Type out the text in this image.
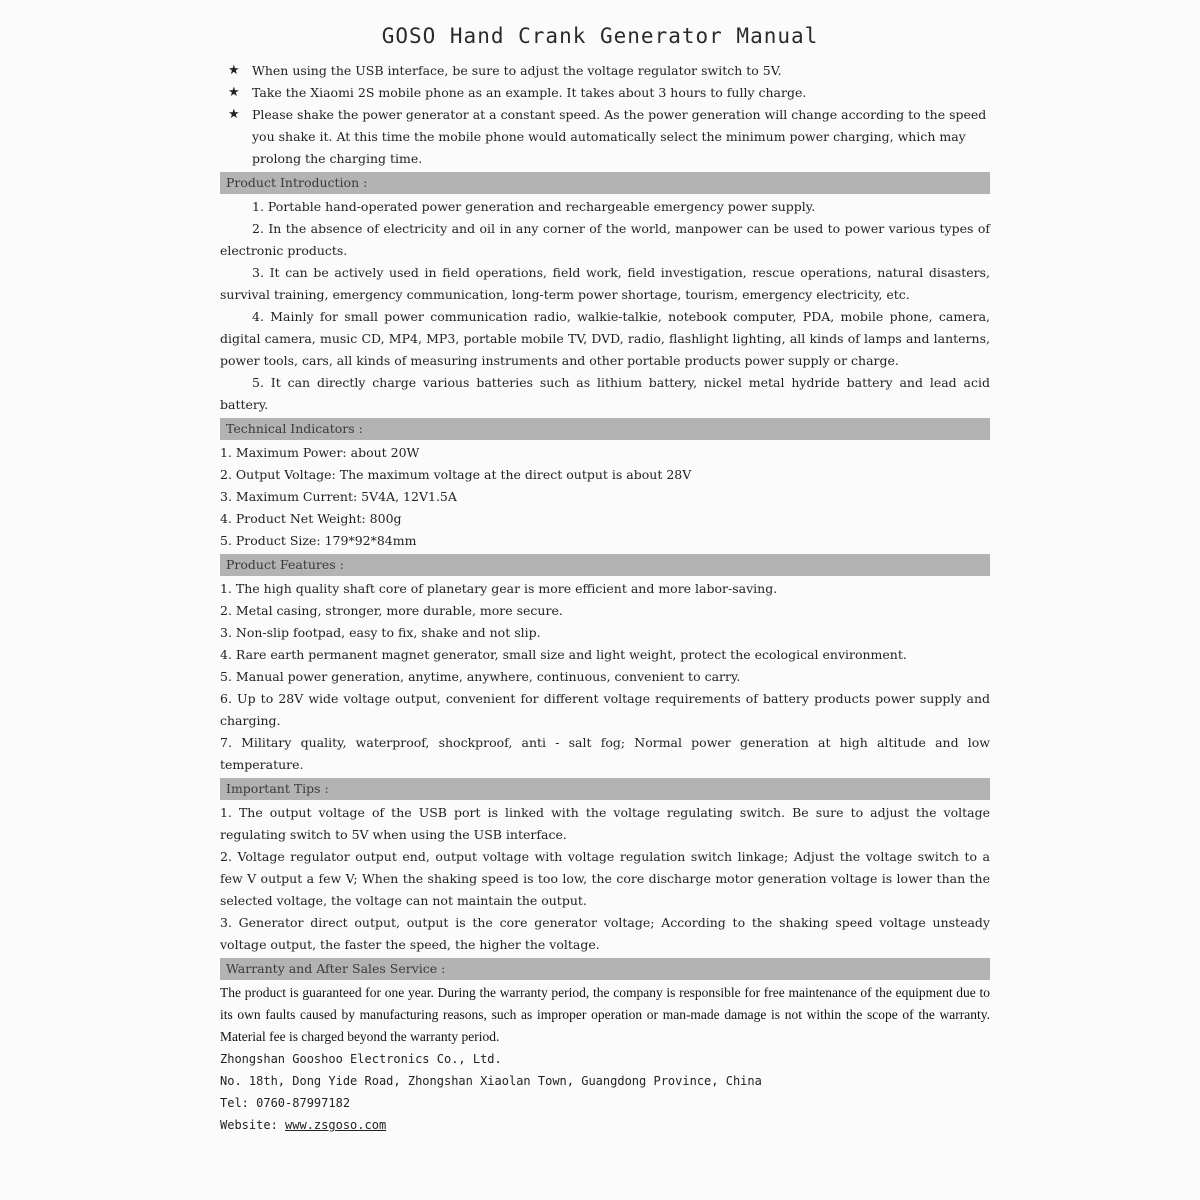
GOSO Hand Crank Generator Manual
★ When using the USB interface, be sure to adjust the voltage regulator switch to 5V.
★ Take the Xiaomi 2S mobile phone as an example. It takes about 3 hours to fully charge.
★ Please shake the power generator at a constant speed. As the power generation will change according to the speed you shake it. At this time the mobile phone would automatically select the minimum power charging, which may prolong the charging time.
Product Introduction :
1. Portable hand-operated power generation and rechargeable emergency power supply.
2. In the absence of electricity and oil in any corner of the world, manpower can be used to power various types of electronic products.
3. It can be actively used in field operations, field work, field investigation, rescue operations, natural disasters, survival training, emergency communication, long-term power shortage, tourism, emergency electricity, etc.
4. Mainly for small power communication radio, walkie-talkie, notebook computer, PDA, mobile phone, camera, digital camera, music CD, MP4, MP3, portable mobile TV, DVD, radio, flashlight lighting, all kinds of lamps and lanterns, power tools, cars, all kinds of measuring instruments and other portable products power supply or charge.
5. It can directly charge various batteries such as lithium battery, nickel metal hydride battery and lead acid battery.
Technical Indicators :
1. Maximum Power: about 20W
2. Output Voltage: The maximum voltage at the direct output is about 28V
3. Maximum Current: 5V4A, 12V1.5A
4. Product Net Weight: 800g
5. Product Size: 179*92*84mm
Product Features :
1. The high quality shaft core of planetary gear is more efficient and more labor-saving.
2. Metal casing, stronger, more durable, more secure.
3. Non-slip footpad, easy to fix, shake and not slip.
4. Rare earth permanent magnet generator, small size and light weight, protect the ecological environment.
5. Manual power generation, anytime, anywhere, continuous, convenient to carry.
6. Up to 28V wide voltage output, convenient for different voltage requirements of battery products power supply and charging.
7. Military quality, waterproof, shockproof, anti - salt fog; Normal power generation at high altitude and low temperature.
Important Tips :
1. The output voltage of the USB port is linked with the voltage regulating switch. Be sure to adjust the voltage regulating switch to 5V when using the USB interface.
2. Voltage regulator output end, output voltage with voltage regulation switch linkage; Adjust the voltage switch to a few V output a few V; When the shaking speed is too low, the core discharge motor generation voltage is lower than the selected voltage, the voltage can not maintain the output.
3. Generator direct output, output is the core generator voltage; According to the shaking speed voltage unsteady voltage output, the faster the speed, the higher the voltage.
Warranty and After Sales Service :
The product is guaranteed for one year. During the warranty period, the company is responsible for free maintenance of the equipment due to its own faults caused by manufacturing reasons, such as improper operation or man-made damage is not within the scope of the warranty. Material fee is charged beyond the warranty period.
Zhongshan Gooshoo Electronics Co., Ltd.
No. 18th, Dong Yide Road, Zhongshan Xiaolan Town, Guangdong Province, China
Tel: 0760-87997182
Website: www.zsgoso.com
